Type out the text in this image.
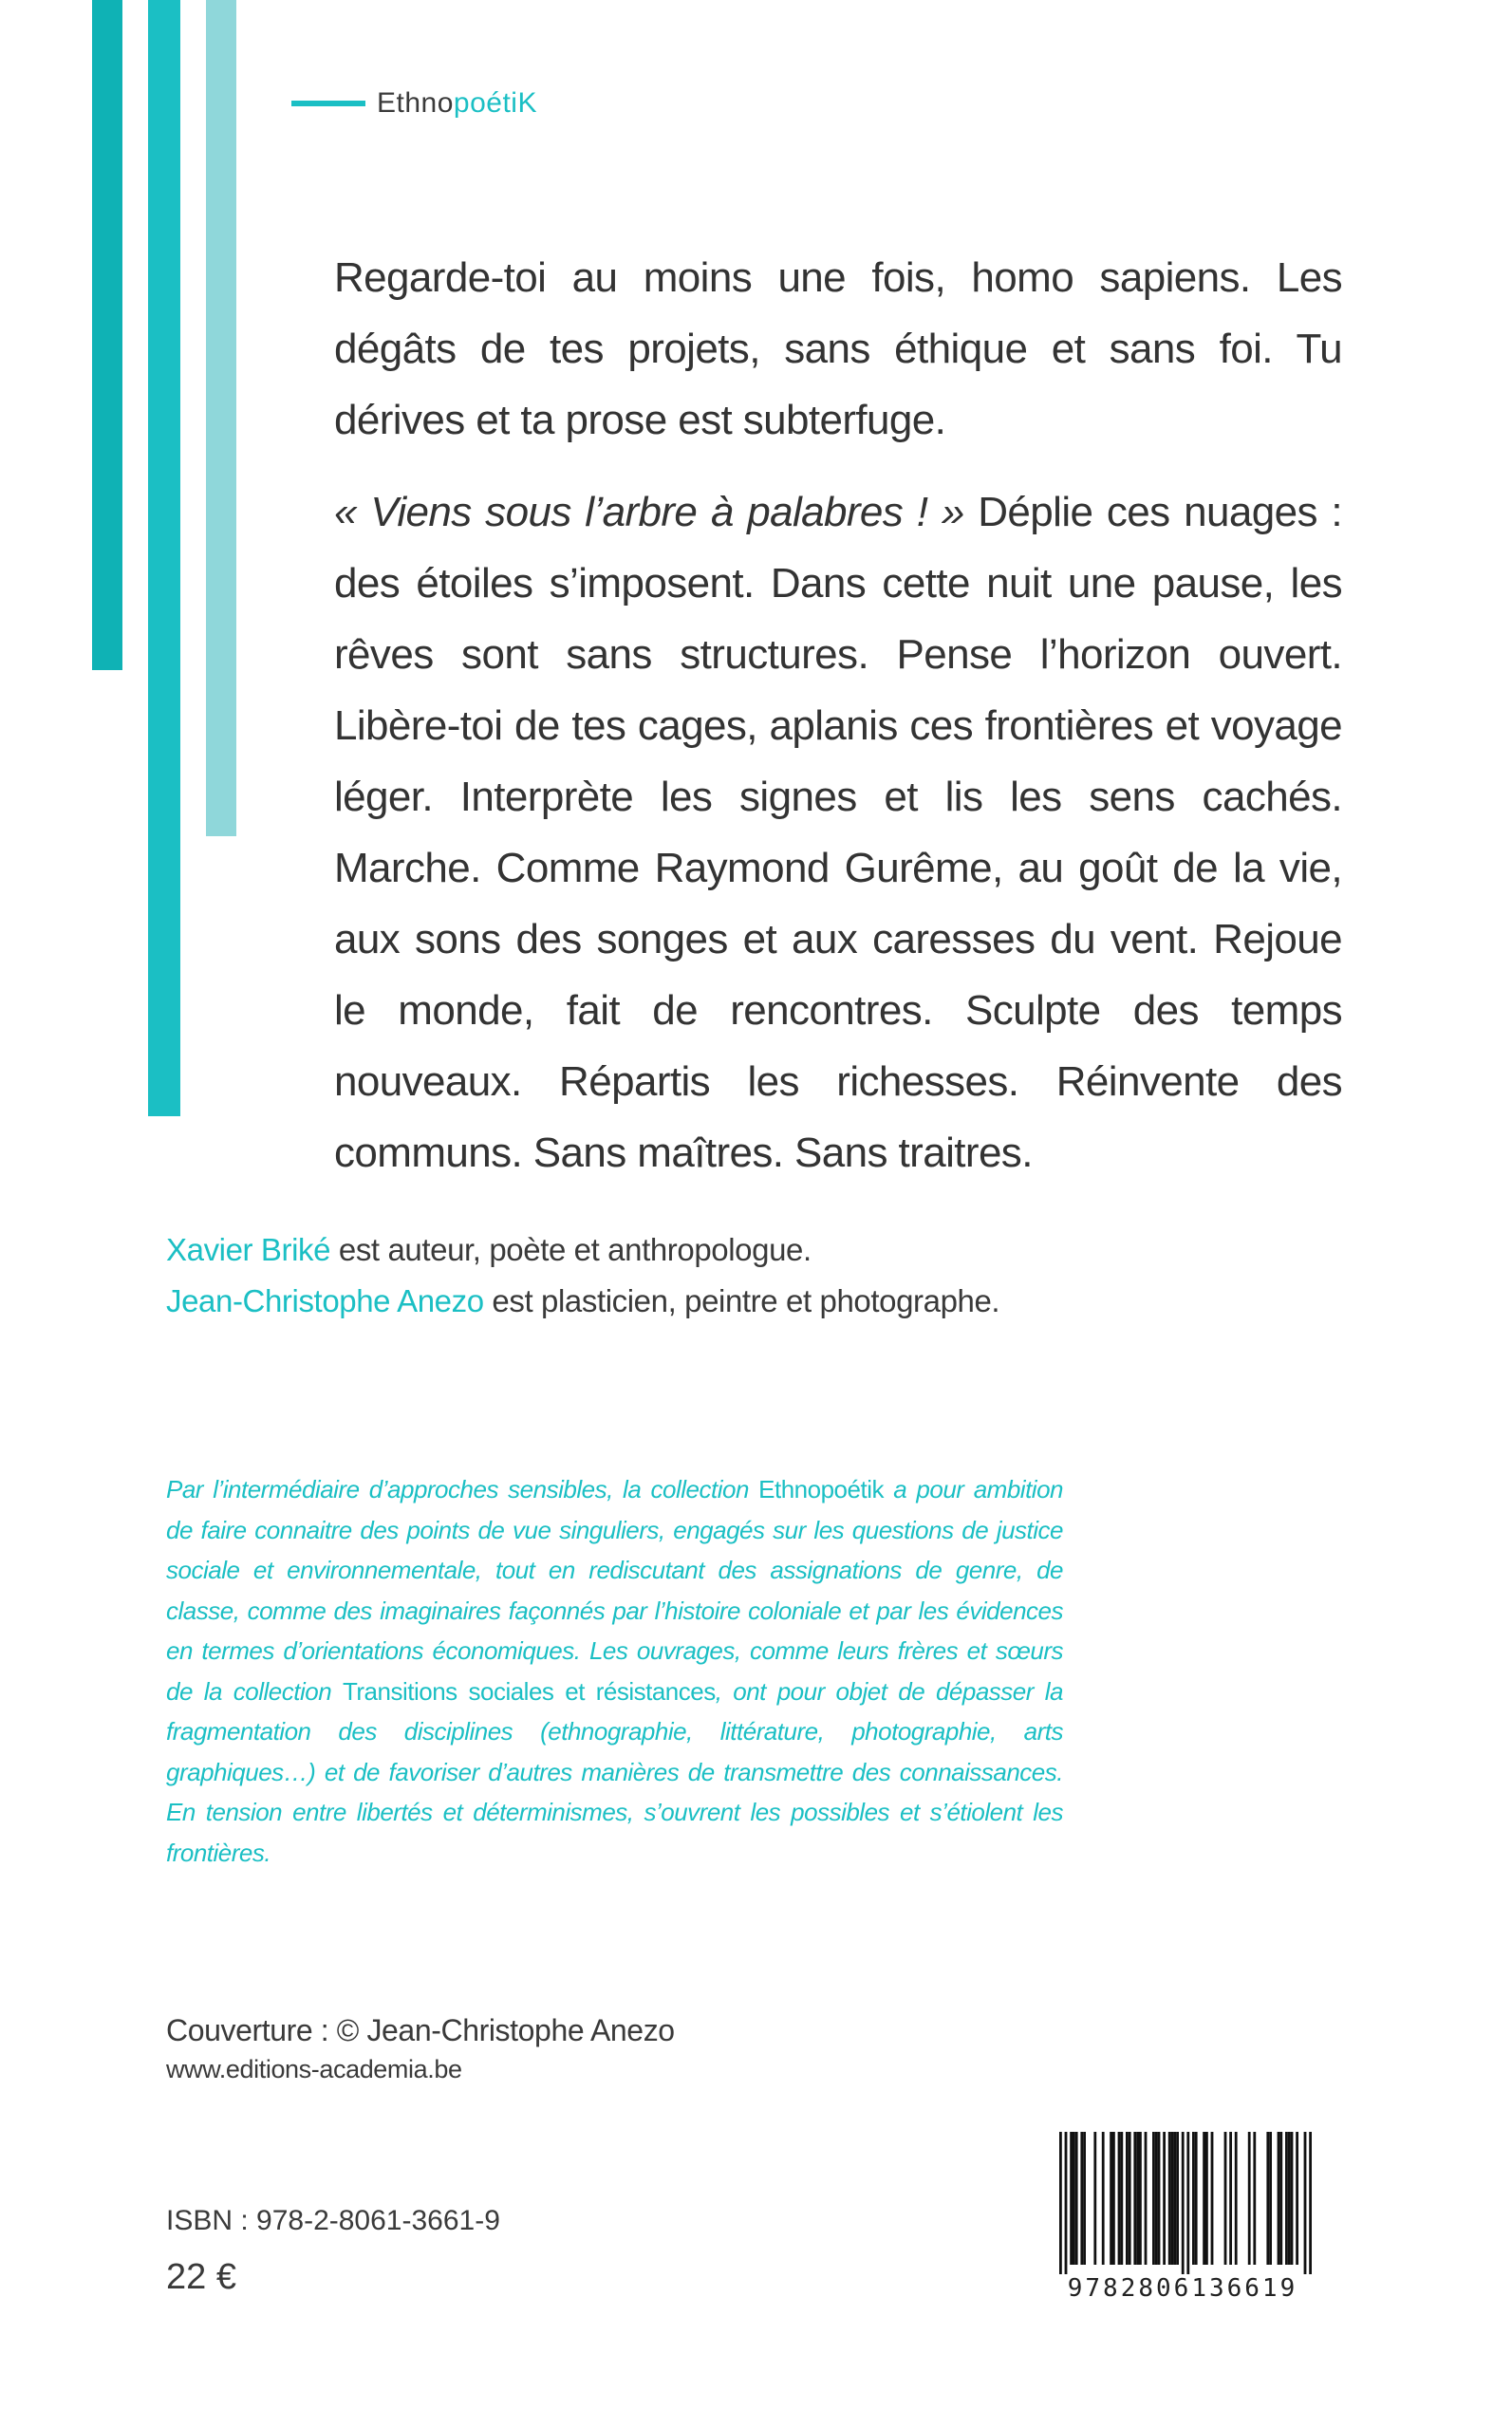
EthnopoétiK

Regarde-toi au moins une fois, homo sapiens. Les dégâts de tes projets, sans éthique et sans foi. Tu dérives et ta prose est subterfuge.

« Viens sous l’arbre à palabres ! » Déplie ces nuages : des étoiles s’imposent. Dans cette nuit une pause, les rêves sont sans structures. Pense l’horizon ouvert. Libère-toi de tes cages, aplanis ces frontières et voyage léger. Interprète les signes et lis les sens cachés. Marche. Comme Raymond Gurême, au goût de la vie, aux sons des songes et aux caresses du vent. Rejoue le monde, fait de rencontres. Sculpte des temps nouveaux. Répartis les richesses. Réinvente des communs. Sans maîtres. Sans traitres.

Xavier Briké est auteur, poète et anthropologue.
Jean-Christophe Anezo est plasticien, peintre et photographe.
Par l’intermédiaire d’approches sensibles, la collection Ethnopoétik a pour ambition de faire connaitre des points de vue singuliers, engagés sur les questions de justice sociale et environnementale, tout en rediscutant des assignations de genre, de classe, comme des imaginaires façonnés par l’histoire coloniale et par les évidences en termes d’orientations économiques. Les ouvrages, comme leurs frères et sœurs de la collection Transitions sociales et résistances, ont pour objet de dépasser la fragmentation des disciplines (ethnographie, littérature, photographie, arts graphiques…) et de favoriser d’autres manières de transmettre des connaissances. En tension entre libertés et déterminismes, s’ouvrent les possibles et s’étiolent les frontières.
Couverture : © Jean-Christophe Anezo
www.editions-academia.be
ISBN : 978-2-8061-3661-9
22 €	9782806136619
